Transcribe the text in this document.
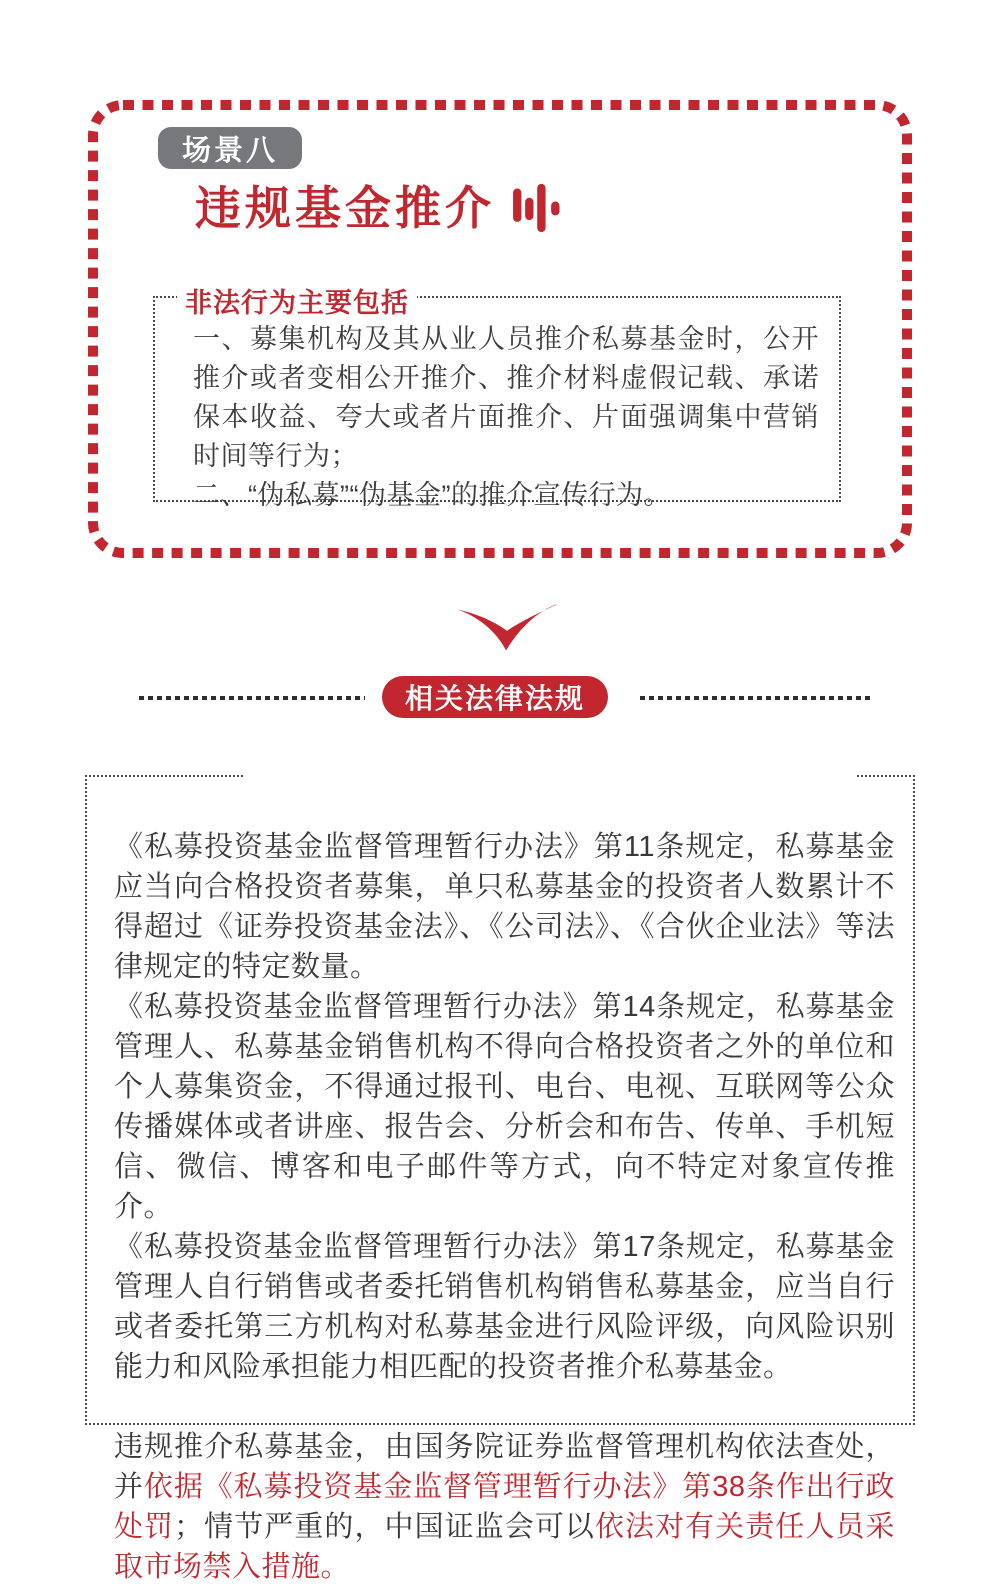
场景八
违规基金推介
非法行为主要包括

一、募集机构及其从业人员推介私募基金时，公开推介或者变相公开推介、推介材料虚假记载、承诺保本收益、夸大或者片面推介、片面强调集中营销时间等行为；

二、“伪私募”“伪基金”的推介宣传行为。

相关法律法规

《私募投资基金监督管理暂行办法》第11条规定，私募基金应当向合格投资者募集，单只私募基金的投资者人数累计不得超过《证券投资基金法》、《公司法》、《合伙企业法》等法律规定的特定数量。

《私募投资基金监督管理暂行办法》第14条规定，私募基金管理人、私募基金销售机构不得向合格投资者之外的单位和个人募集资金，不得通过报刊、电台、电视、互联网等公众传播媒体或者讲座、报告会、分析会和布告、传单、手机短信、微信、博客和电子邮件等方式，向不特定对象宣传推介。

《私募投资基金监督管理暂行办法》第17条规定，私募基金管理人自行销售或者委托销售机构销售私募基金，应当自行或者委托第三方机构对私募基金进行风险评级，向风险识别能力和风险承担能力相匹配的投资者推介私募基金。

违规推介私募基金，由国务院证券监督管理机构依法查处，并依据《私募投资基金监督管理暂行办法》第38条作出行政处罚；情节严重的，中国证监会可以依法对有关责任人员采取市场禁入措施。
